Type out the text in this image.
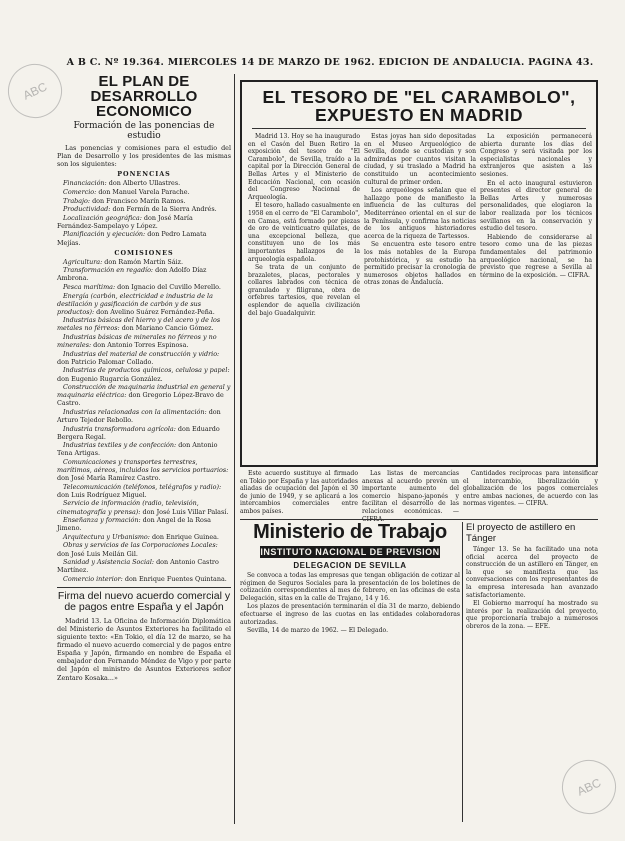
ABC
ABC
A B C. Nº 19.364. MIERCOLES 14 DE MARZO DE 1962. EDICION DE ANDALUCIA. PAGINA 43.
EL PLAN DE DESARROLLO ECONOMICO
Formación de las ponencias de estudio

Las ponencias y comisiones para el estudio del Plan de Desarrollo y los presidentes de las mismas son los siguientes:

PONENCIAS
Financiación: don Alberto Ullastres.
Comercio: don Manuel Varela Parache.
Trabajo: don Francisco Marín Ramos.
Productividad: don Fermín de la Sierra Andrés.
Localización geográfica: don José María Fernández-Sampelayo y López.
Planificación y ejecución: don Pedro Lamata Mejías.
COMISIONES
Agricultura: don Ramón Martín Sáiz.
Transformación en regadío: don Adolfo Díaz Ambrona.
Pesca marítima: don Ignacio del Cuvillo Merello.
Energía (carbón, electricidad e industria de la destilación y gasificación de carbón y de sus productos): don Avelino Suárez Fernández-Peña.
Industrias básicas del hierro y del acero y de los metales no férreos: don Mariano Cancio Gómez.
Industrias básicas de minerales no férreos y no minerales: don Antonio Torres Espinosa.
Industrias del material de construcción y vidrio: don Patricio Palomar Collado.
Industrias de productos químicos, celulosa y papel: don Eugenio Rugarcía González.
Construcción de maquinaria industrial en general y maquinaria eléctrica: don Gregorio López-Bravo de Castro.
Industrias relacionadas con la alimentación: don Arturo Tejedor Rebollo.
Industria transformadora agrícola: don Eduardo Bergera Regal.
Industrias textiles y de confección: don Antonio Tena Artigas.
Comunicaciones y transportes terrestres, marítimos, aéreos, incluidos los servicios portuarios: don José María Ramírez Castro.
Telecomunicación (teléfonos, telégrafos y radio): don Luis Rodríguez Miguel.
Servicio de información (radio, televisión, cinematografía y prensa): don José Luis Villar Palasí.
Enseñanza y formación: don Angel de la Rosa Jimeno.
Arquitectura y Urbanismo: don Enrique Guinea.
Obras y servicios de las Corporaciones Locales: don José Luis Meilán Gil.
Sanidad y Asistencia Social: don Antonio Castro Martínez.
Comercio interior: don Enrique Fuentes Quintana.
Firma del nuevo acuerdo comercial y de pagos entre España y el Japón

Madrid 13. La Oficina de Información Diplomática del Ministerio de Asuntos Exteriores ha facilitado el siguiente texto: «En Tokio, el día 12 de marzo, se ha firmado el nuevo acuerdo comercial y de pagos entre España y Japón, firmando en nombre de España el embajador don Fernando Méndez de Vigo y por parte del Japón el ministro de Asuntos Exteriores señor Zentaro Kosaka...»

EL TESORO DE "EL CARAMBOLO", EXPUESTO EN MADRID

Madrid 13. Hoy se ha inaugurado en el Casón del Buen Retiro la exposición del tesoro de "El Carambolo", de Sevilla, traído a la capital por la Dirección General de Bellas Artes y el Ministerio de Educación Nacional, con ocasión del Congreso Nacional de Arqueología.

El tesoro, hallado casualmente en 1958 en el cerro de "El Carambolo", en Camas, está formado por piezas de oro de veinticuatro quilates, de una excepcional belleza, que constituyen uno de los más importantes hallazgos de la arqueología española.

Se trata de un conjunto de brazaletes, placas, pectorales y collares labrados con técnica de granulado y filigrana, obra de orfebres tartesios, que revelan el esplendor de aquella civilización del bajo Guadalquivir.

Estas joyas han sido depositadas en el Museo Arqueológico de Sevilla, donde se custodian y son admiradas por cuantos visitan la ciudad, y su traslado a Madrid ha constituido un acontecimiento cultural de primer orden.

Los arqueólogos señalan que el hallazgo pone de manifiesto la influencia de las culturas del Mediterráneo oriental en el sur de la Península, y confirma las noticias de los antiguos historiadores acerca de la riqueza de Tartessos.

Se encuentra este tesoro entre los más notables de la Europa protohistórica, y su estudio ha permitido precisar la cronología de numerosos objetos hallados en otras zonas de Andalucía.

La exposición permanecerá abierta durante los días del Congreso y será visitada por los especialistas nacionales y extranjeros que asisten a las sesiones.

En el acto inaugural estuvieron presentes el director general de Bellas Artes y numerosas personalidades, que elogiaron la labor realizada por los técnicos sevillanos en la conservación y estudio del tesoro.

Habiendo de considerarse al tesoro como una de las piezas fundamentales del patrimonio arqueológico nacional, se ha previsto que regrese a Sevilla al término de la exposición. — CIFRA.

Este acuerdo sustituye al firmado en Tokio por España y las autoridades aliadas de ocupación del Japón el 30 de junio de 1949, y se aplicará a los intercambios comerciales entre ambos países.

Las listas de mercancías anexas al acuerdo prevén un importante aumento del comercio hispano-japonés y facilitan el desarrollo de las relaciones económicas. —

Cantidades recíprocas para intensificar el intercambio, liberalización y globalización de los pagos comerciales entre ambas naciones, de acuerdo con las normas vigentes. — CIFRA.

Ministerio de Trabajo
INSTITUTO NACIONAL DE PREVISION
DELEGACION DE SEVILLA

Se convoca a todas las empresas que tengan obligación de cotizar al régimen de Seguros Sociales para la presentación de los boletines de cotización correspondientes al mes de febrero, en las oficinas de esta Delegación, sitas en la calle de Trajano, 14 y 16.

Los plazos de presentación terminarán el día 31 de marzo, debiendo efectuarse el ingreso de las cuotas en las entidades colaboradoras autorizadas.

Sevilla, 14 de marzo de 1962. — El Delegado.

El proyecto de astillero en Tánger

Tánger 13. Se ha facilitado una nota oficial acerca del proyecto de construcción de un astillero en Tánger, en la que se manifiesta que las conversaciones con los representantes de la empresa interesada han avanzado satisfactoriamente.

El Gobierno marroquí ha mostrado su interés por la realización del proyecto, que proporcionaría trabajo a numerosos obreros de la zona. — EFE.
